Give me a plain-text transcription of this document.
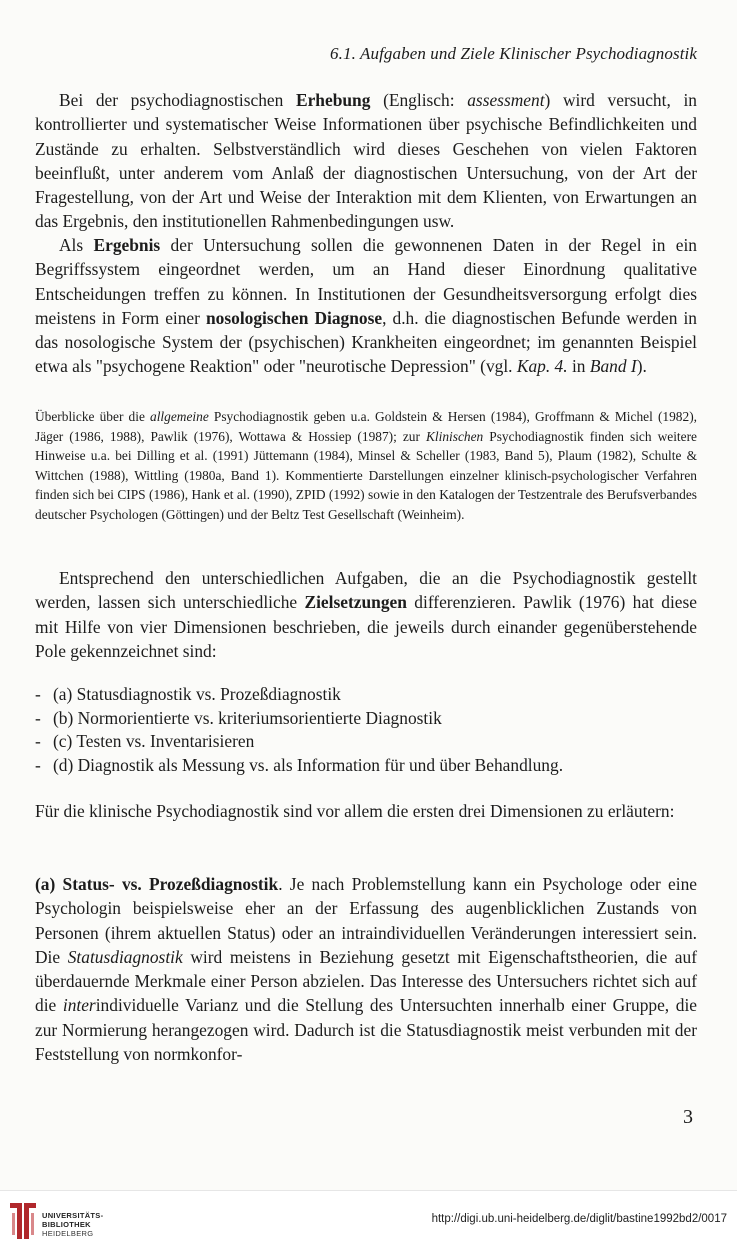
6.1. Aufgaben und Ziele Klinischer Psychodiagnostik

Bei der psychodiagnostischen Erhebung (Englisch: assessment) wird versucht, in kontrollierter und systematischer Weise Informationen über psychische Befindlichkeiten und Zustände zu erhalten. Selbstverständlich wird dieses Geschehen von vielen Faktoren beeinflußt, unter anderem vom Anlaß der diagnostischen Untersuchung, von der Art der Fragestellung, von der Art und Weise der Interaktion mit dem Klienten, von Erwartungen an das Ergebnis, den institutionellen Rahmenbedingungen usw.

Als Ergebnis der Untersuchung sollen die gewonnenen Daten in der Regel in ein Begriffssystem eingeordnet werden, um an Hand dieser Einordnung qualitative Entscheidungen treffen zu können. In Institutionen der Gesundheitsversorgung erfolgt dies meistens in Form einer nosologischen Diagnose, d.h. die diagnostischen Befunde werden in das nosologische System der (psychischen) Krankheiten eingeordnet; im genannten Beispiel etwa als "psychogene Reaktion" oder "neurotische Depression" (vgl. Kap. 4. in Band I).

Überblicke über die allgemeine Psychodiagnostik geben u.a. Goldstein & Hersen (1984), Groffmann & Michel (1982), Jäger (1986, 1988), Pawlik (1976), Wottawa & Hossiep (1987); zur Klinischen Psychodiagnostik finden sich weitere Hinweise u.a. bei Dilling et al. (1991) Jüttemann (1984), Minsel & Scheller (1983, Band 5), Plaum (1982), Schulte & Wittchen (1988), Wittling (1980a, Band 1). Kommentierte Darstellungen einzelner klinisch-psychologischer Verfahren finden sich bei CIPS (1986), Hank et al. (1990), ZPID (1992) sowie in den Katalogen der Testzentrale des Berufsverbandes deutscher Psychologen (Göttingen) und der Beltz Test Gesellschaft (Weinheim).

Entsprechend den unterschiedlichen Aufgaben, die an die Psychodiagnostik gestellt werden, lassen sich unterschiedliche Zielsetzungen differenzieren. Pawlik (1976) hat diese mit Hilfe von vier Dimensionen beschrieben, die jeweils durch einander gegenüberstehende Pole gekennzeichnet sind:

- (a) Statusdiagnostik vs. Prozeßdiagnostik
- (b) Normorientierte vs. kriteriumsorientierte Diagnostik
- (c) Testen vs. Inventarisieren
- (d) Diagnostik als Messung vs. als Information für und über Behandlung.

Für die klinische Psychodiagnostik sind vor allem die ersten drei Dimensionen zu erläutern:

(a) Status- vs. Prozeßdiagnostik. Je nach Problemstellung kann ein Psychologe oder eine Psychologin beispielsweise eher an der Erfassung des augenblicklichen Zustands von Personen (ihrem aktuellen Status) oder an intraindividuellen Veränderungen interessiert sein. Die Statusdiagnostik wird meistens in Beziehung gesetzt mit Eigenschaftstheorien, die auf überdauernde Merkmale einer Person abzielen. Das Interesse des Untersuchers richtet sich auf die interindividuelle Varianz und die Stellung des Untersuchten innerhalb einer Gruppe, die zur Normierung herangezogen wird. Dadurch ist die Statusdiagnostik meist verbunden mit der Feststellung von normkonfor-

3
UNIVERSITÄTS-
BIBLIOTHEK
HEIDELBERG
http://digi.ub.uni-heidelberg.de/diglit/bastine1992bd2/0017
